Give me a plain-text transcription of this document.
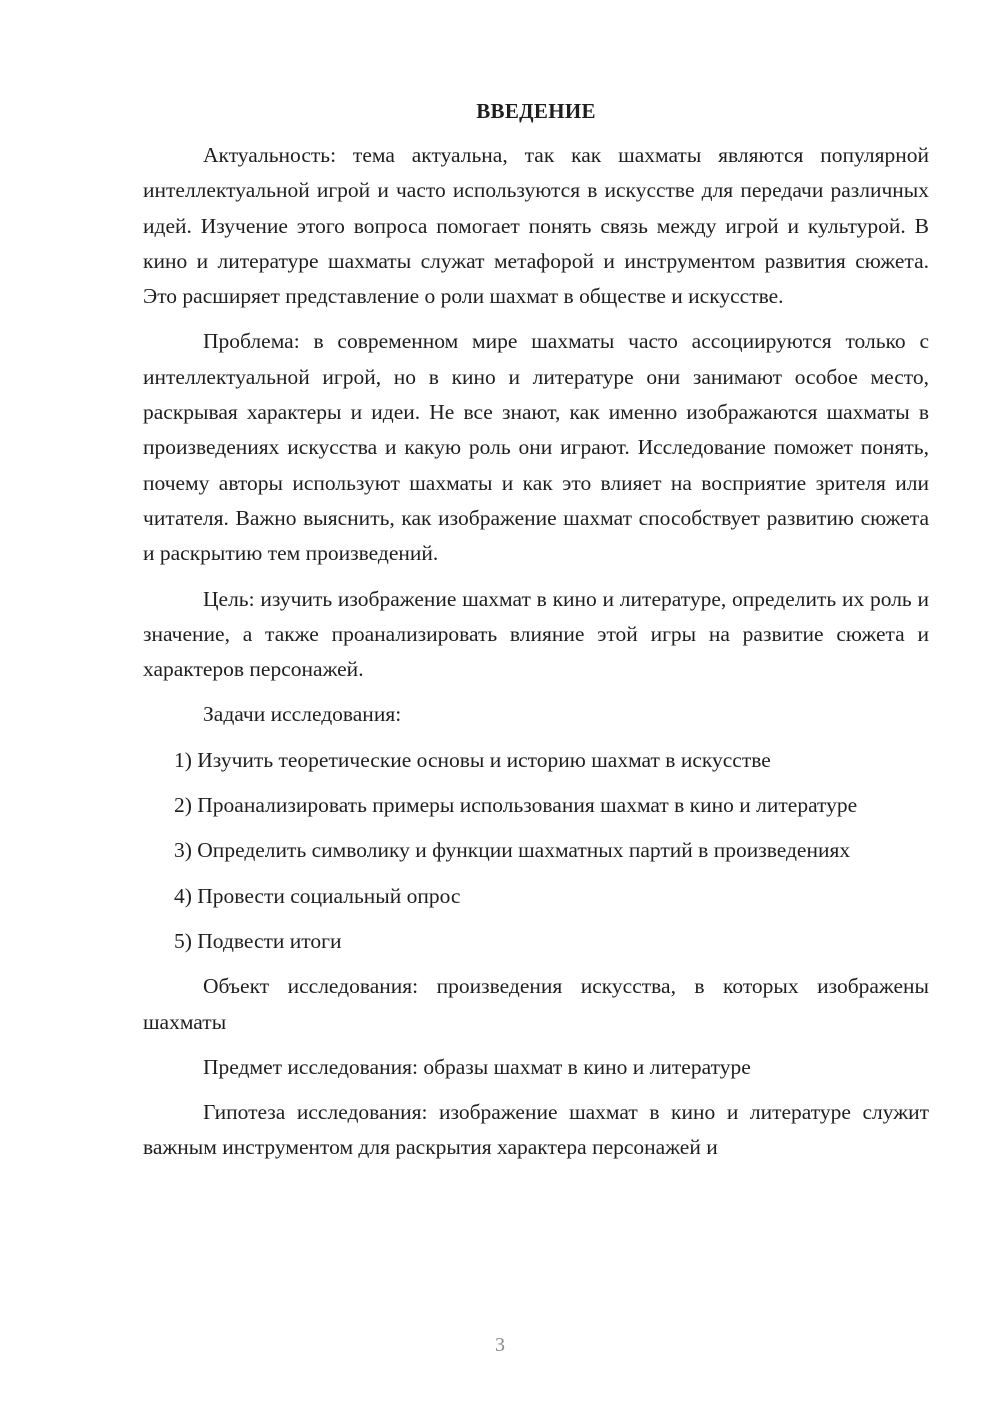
ВВЕДЕНИЕ

Актуальность: тема актуальна, так как шахматы являются популярной интеллектуальной игрой и часто используются в искусстве для передачи различных идей. Изучение этого вопроса помогает понять связь между игрой и культурой. В кино и литературе шахматы служат метафорой и инструментом развития сюжета. Это расширяет представление о роли шахмат в обществе и искусстве.

Проблема: в современном мире шахматы часто ассоциируются только с интеллектуальной игрой, но в кино и литературе они занимают особое место, раскрывая характеры и идеи. Не все знают, как именно изображаются шахматы в произведениях искусства и какую роль они играют. Исследование поможет понять, почему авторы используют шахматы и как это влияет на восприятие зрителя или читателя. Важно выяснить, как изображение шахмат способствует развитию сюжета и раскрытию тем произведений.

Цель: изучить изображение шахмат в кино и литературе, определить их роль и значение, а также проанализировать влияние этой игры на развитие сюжета и характеров персонажей.

Задачи исследования:

1) Изучить теоретические основы и историю шахмат в искусстве

2) Проанализировать примеры использования шахмат в кино и литературе

3) Определить символику и функции шахматных партий в произведениях

4) Провести социальный опрос

5) Подвести итоги

Объект исследования: произведения искусства, в которых изображены шахматы

Предмет исследования: образы шахмат в кино и литературе

Гипотеза исследования: изображение шахмат в кино и литературе служит важным инструментом для раскрытия характера персонажей и

3
